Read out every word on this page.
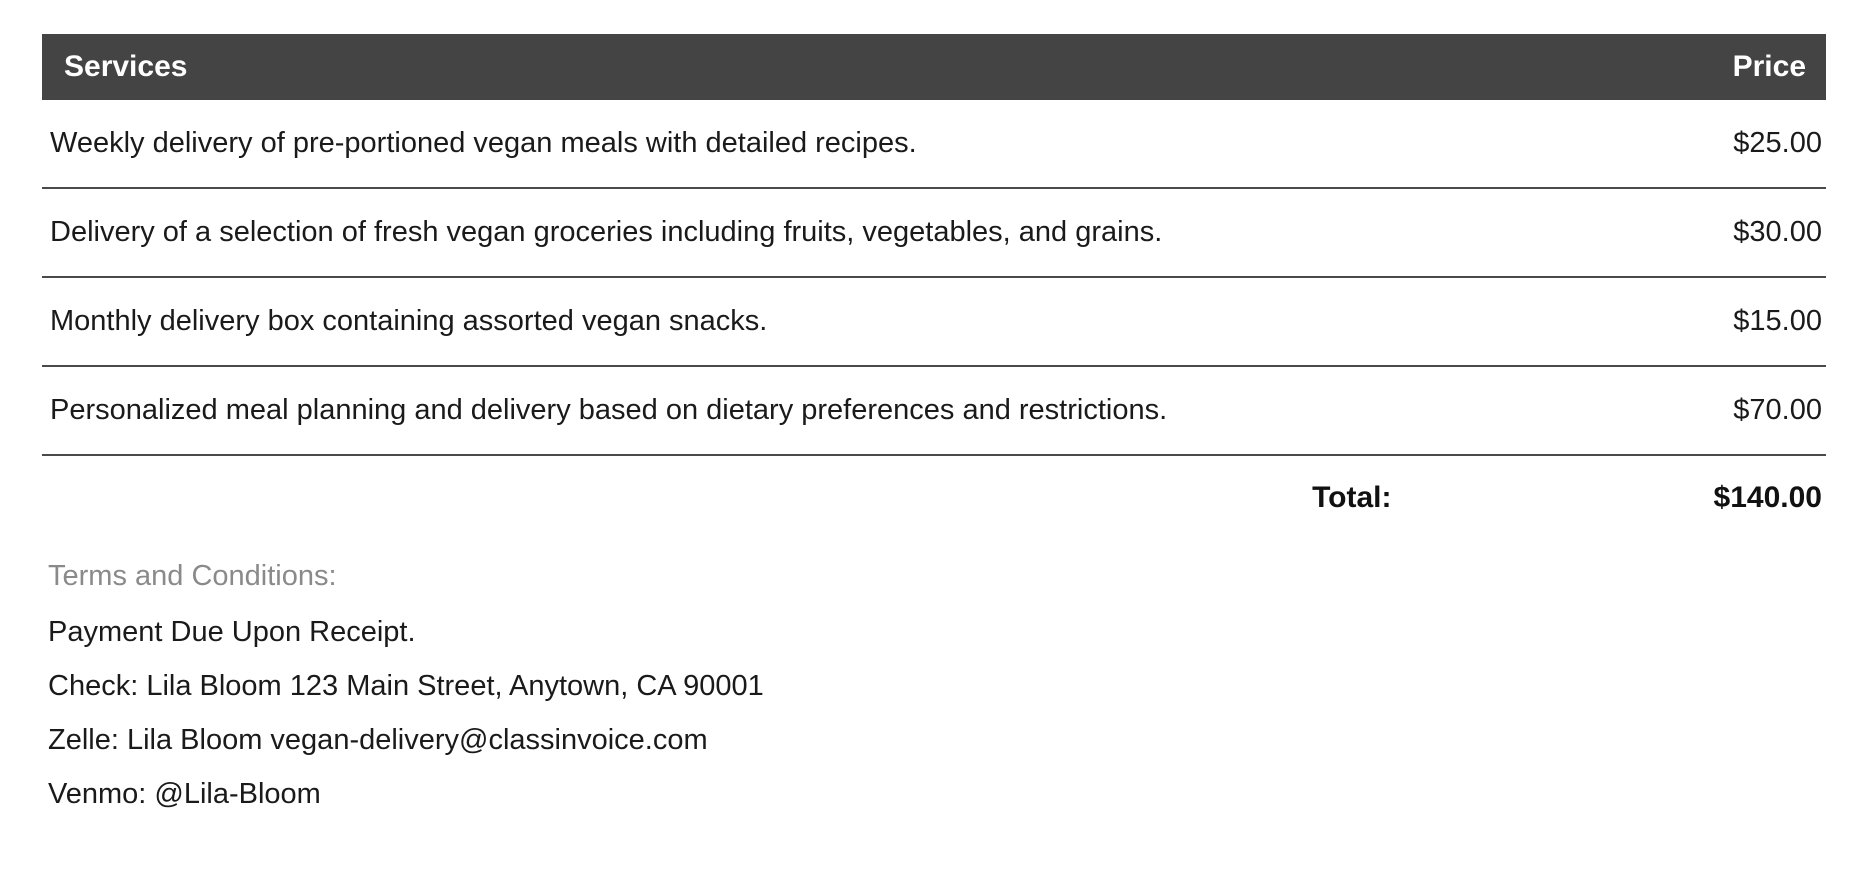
Services	Price
Weekly delivery of pre-portioned vegan meals with detailed recipes.	$25.00
Delivery of a selection of fresh vegan groceries including fruits, vegetables, and grains.	$30.00
Monthly delivery box containing assorted vegan snacks.	$15.00
Personalized meal planning and delivery based on dietary preferences and restrictions.	$70.00
Total:	$140.00
Terms and Conditions:
Payment Due Upon Receipt.
Check: Lila Bloom 123 Main Street, Anytown, CA 90001
Zelle: Lila Bloom vegan-delivery@classinvoice.com
Venmo: @Lila-Bloom
